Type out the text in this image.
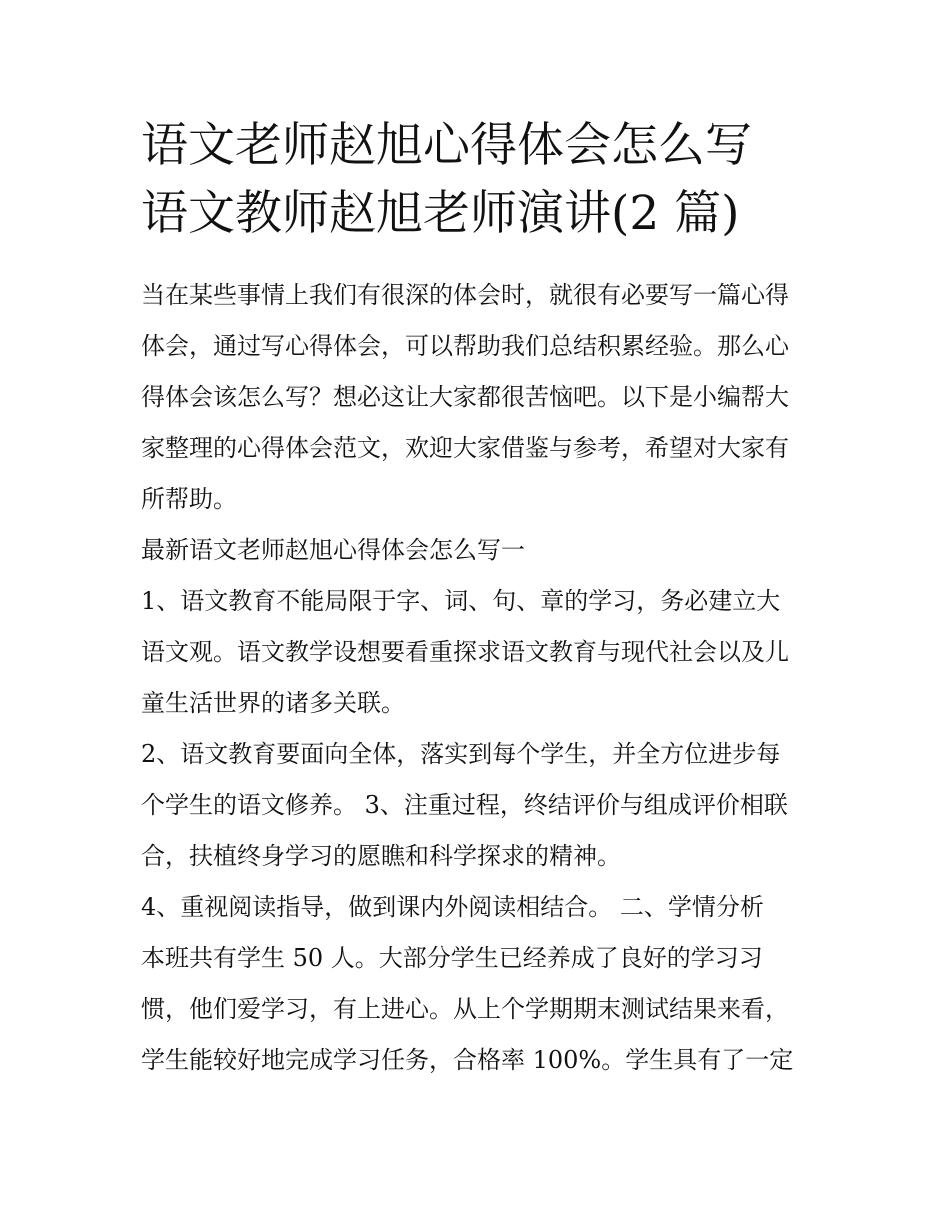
语文老师赵旭心得体会怎么写
语文教师赵旭老师演讲(2 篇)

当在某些事情上我们有很深的体会时，就很有必要写一篇心得
体会，通过写心得体会，可以帮助我们总结积累经验。那么心
得体会该怎么写？想必这让大家都很苦恼吧。以下是小编帮大
家整理的心得体会范文，欢迎大家借鉴与参考，希望对大家有
所帮助。

最新语文老师赵旭心得体会怎么写一

1、语文教育不能局限于字、词、句、章的学习，务必建立大
语文观。语文教学设想要看重探求语文教育与现代社会以及儿
童生活世界的诸多关联。

2、语文教育要面向全体，落实到每个学生，并全方位进步每
个学生的语文修养。 3、注重过程，终结评价与组成评价相联
合，扶植终身学习的愿瞧和科学探求的精神。

4、重视阅读指导，做到课内外阅读相结合。 二、学情分析
本班共有学生 50 人。大部分学生已经养成了良好的学习习
惯，他们爱学习，有上进心。从上个学期期末测试结果来看，
学生能较好地完成学习任务，合格率 100%。学生具有了一定
